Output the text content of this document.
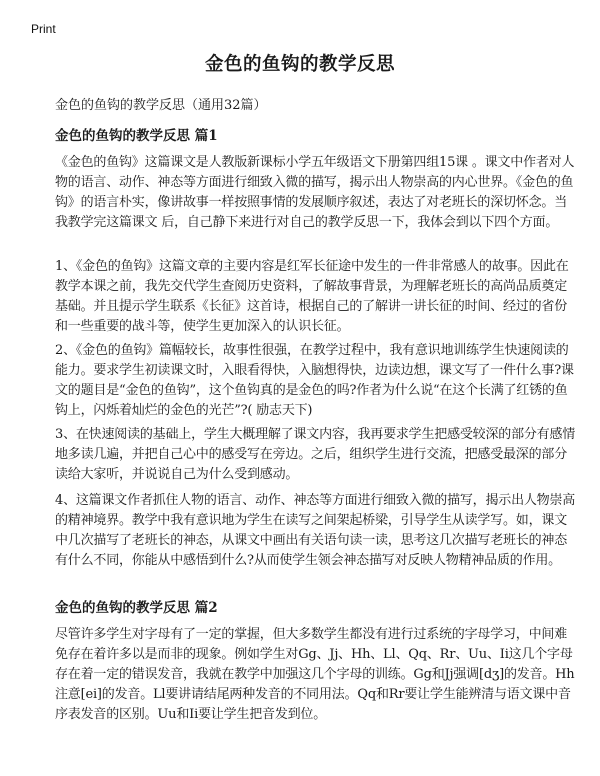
Print
金色的鱼钩的教学反思
金色的鱼钩的教学反思（通用32篇）
金色的鱼钩的教学反思 篇1
《金色的鱼钩》这篇课文是人教版新课标小学五年级语文下册第四组15课 。课文中作者对人物的语言、动作、神态等方面进行细致入微的描写，揭示出人物崇高的内心世界。《金色的鱼钩》的语言朴实，像讲故事一样按照事情的发展顺序叙述，表达了对老班长的深切怀念。当我教学完这篇课文 后，自己静下来进行对自己的教学反思一下，我体会到以下四个方面。
1、《金色的鱼钩》这篇文章的主要内容是红军长征途中发生的一件非常感人的故事。因此在教学本课之前，我先交代学生查阅历史资料，了解故事背景，为理解老班长的高尚品质奠定基础。并且提示学生联系《长征》这首诗，根据自己的了解讲一讲长征的时间、经过的省份和一些重要的战斗等，使学生更加深入的认识长征。
2、《金色的鱼钩》篇幅较长，故事性很强，在教学过程中，我有意识地训练学生快速阅读的能力。要求学生初读课文时，入眼看得快，入脑想得快，边读边想，课文写了一件什么事?课文的题目是“金色的鱼钩”，这个鱼钩真的是金色的吗?作者为什么说“在这个长满了红锈的鱼钩上，闪烁着灿烂的金色的光芒”?( 励志天下)
3、在快速阅读的基础上，学生大概理解了课文内容，我再要求学生把感受较深的部分有感情地多读几遍，并把自己心中的感受写在旁边。之后，组织学生进行交流，把感受最深的部分读给大家听，并说说自己为什么受到感动。
4、这篇课文作者抓住人物的语言、动作、神态等方面进行细致入微的描写，揭示出人物崇高的精神境界。教学中我有意识地为学生在读写之间架起桥梁，引导学生从读学写。如，课文中几次描写了老班长的神态，从课文中画出有关语句读一读，思考这几次描写老班长的神态有什么不同，你能从中感悟到什么?从而使学生领会神态描写对反映人物精神品质的作用。
金色的鱼钩的教学反思 篇2
尽管许多学生对字母有了一定的掌握，但大多数学生都没有进行过系统的字母学习，中间难免存在着许多以是而非的现象。例如学生对Gg、Jj、Hh、Ll、Qq、Rr、Uu、Ii这几个字母存在着一定的错误发音，我就在教学中加强这几个字母的训练。Gg和Jj强调[dʒ]的发音。Hh注意[ei]的发音。Ll要讲请结尾两种发音的不同用法。Qq和Rr要让学生能辨清与语文课中音序表发音的区别。Uu和Ii要让学生把音发到位。
